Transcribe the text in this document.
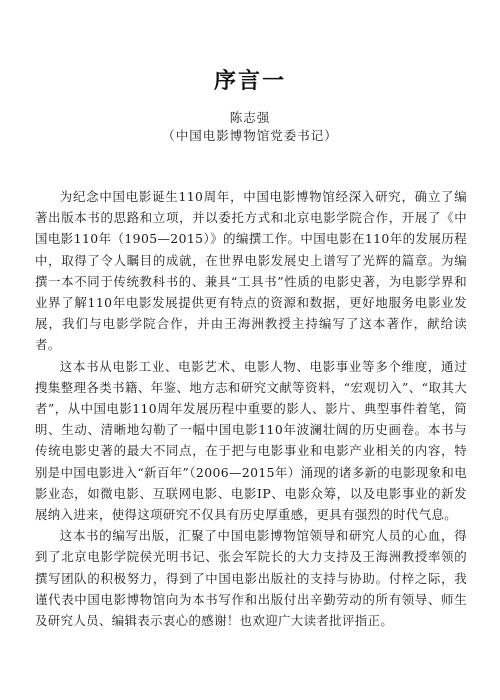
序言一
陈志强
（中国电影博物馆党委书记）

为纪念中国电影诞生110周年，中国电影博物馆经深入研究，确立了编著出版本书的思路和立项，并以委托方式和北京电影学院合作，开展了《中国电影110年（1905—2015）》的编撰工作。中国电影在110年的发展历程中，取得了令人瞩目的成就，在世界电影发展史上谱写了光辉的篇章。为编撰一本不同于传统教科书的、兼具“工具书”性质的电影史著，为电影学界和业界了解110年电影发展提供更有特点的资源和数据，更好地服务电影业发展，我们与电影学院合作，并由王海洲教授主持编写了这本著作，献给读者。

这本书从电影工业、电影艺术、电影人物、电影事业等多个维度，通过搜集整理各类书籍、年鉴、地方志和研究文献等资料，“宏观切入”、“取其大者”，从中国电影110周年发展历程中重要的影人、影片、典型事件着笔，简明、生动、清晰地勾勒了一幅中国电影110年波澜壮阔的历史画卷。本书与传统电影史著的最大不同点，在于把与电影事业和电影产业相关的内容，特别是中国电影进入“新百年”（2006—2015年）涌现的诸多新的电影现象和电影业态，如微电影、互联网电影、电影IP、电影众筹，以及电影事业的新发展纳入进来，使得这项研究不仅具有历史厚重感，更具有强烈的时代气息。

这本书的编写出版，汇聚了中国电影博物馆领导和研究人员的心血，得到了北京电影学院侯光明书记、张会军院长的大力支持及王海洲教授率领的撰写团队的积极努力，得到了中国电影出版社的支持与协助。付梓之际，我谨代表中国电影博物馆向为本书写作和出版付出辛勤劳动的所有领导、师生及研究人员、编辑表示衷心的感谢！也欢迎广大读者批评指正。
